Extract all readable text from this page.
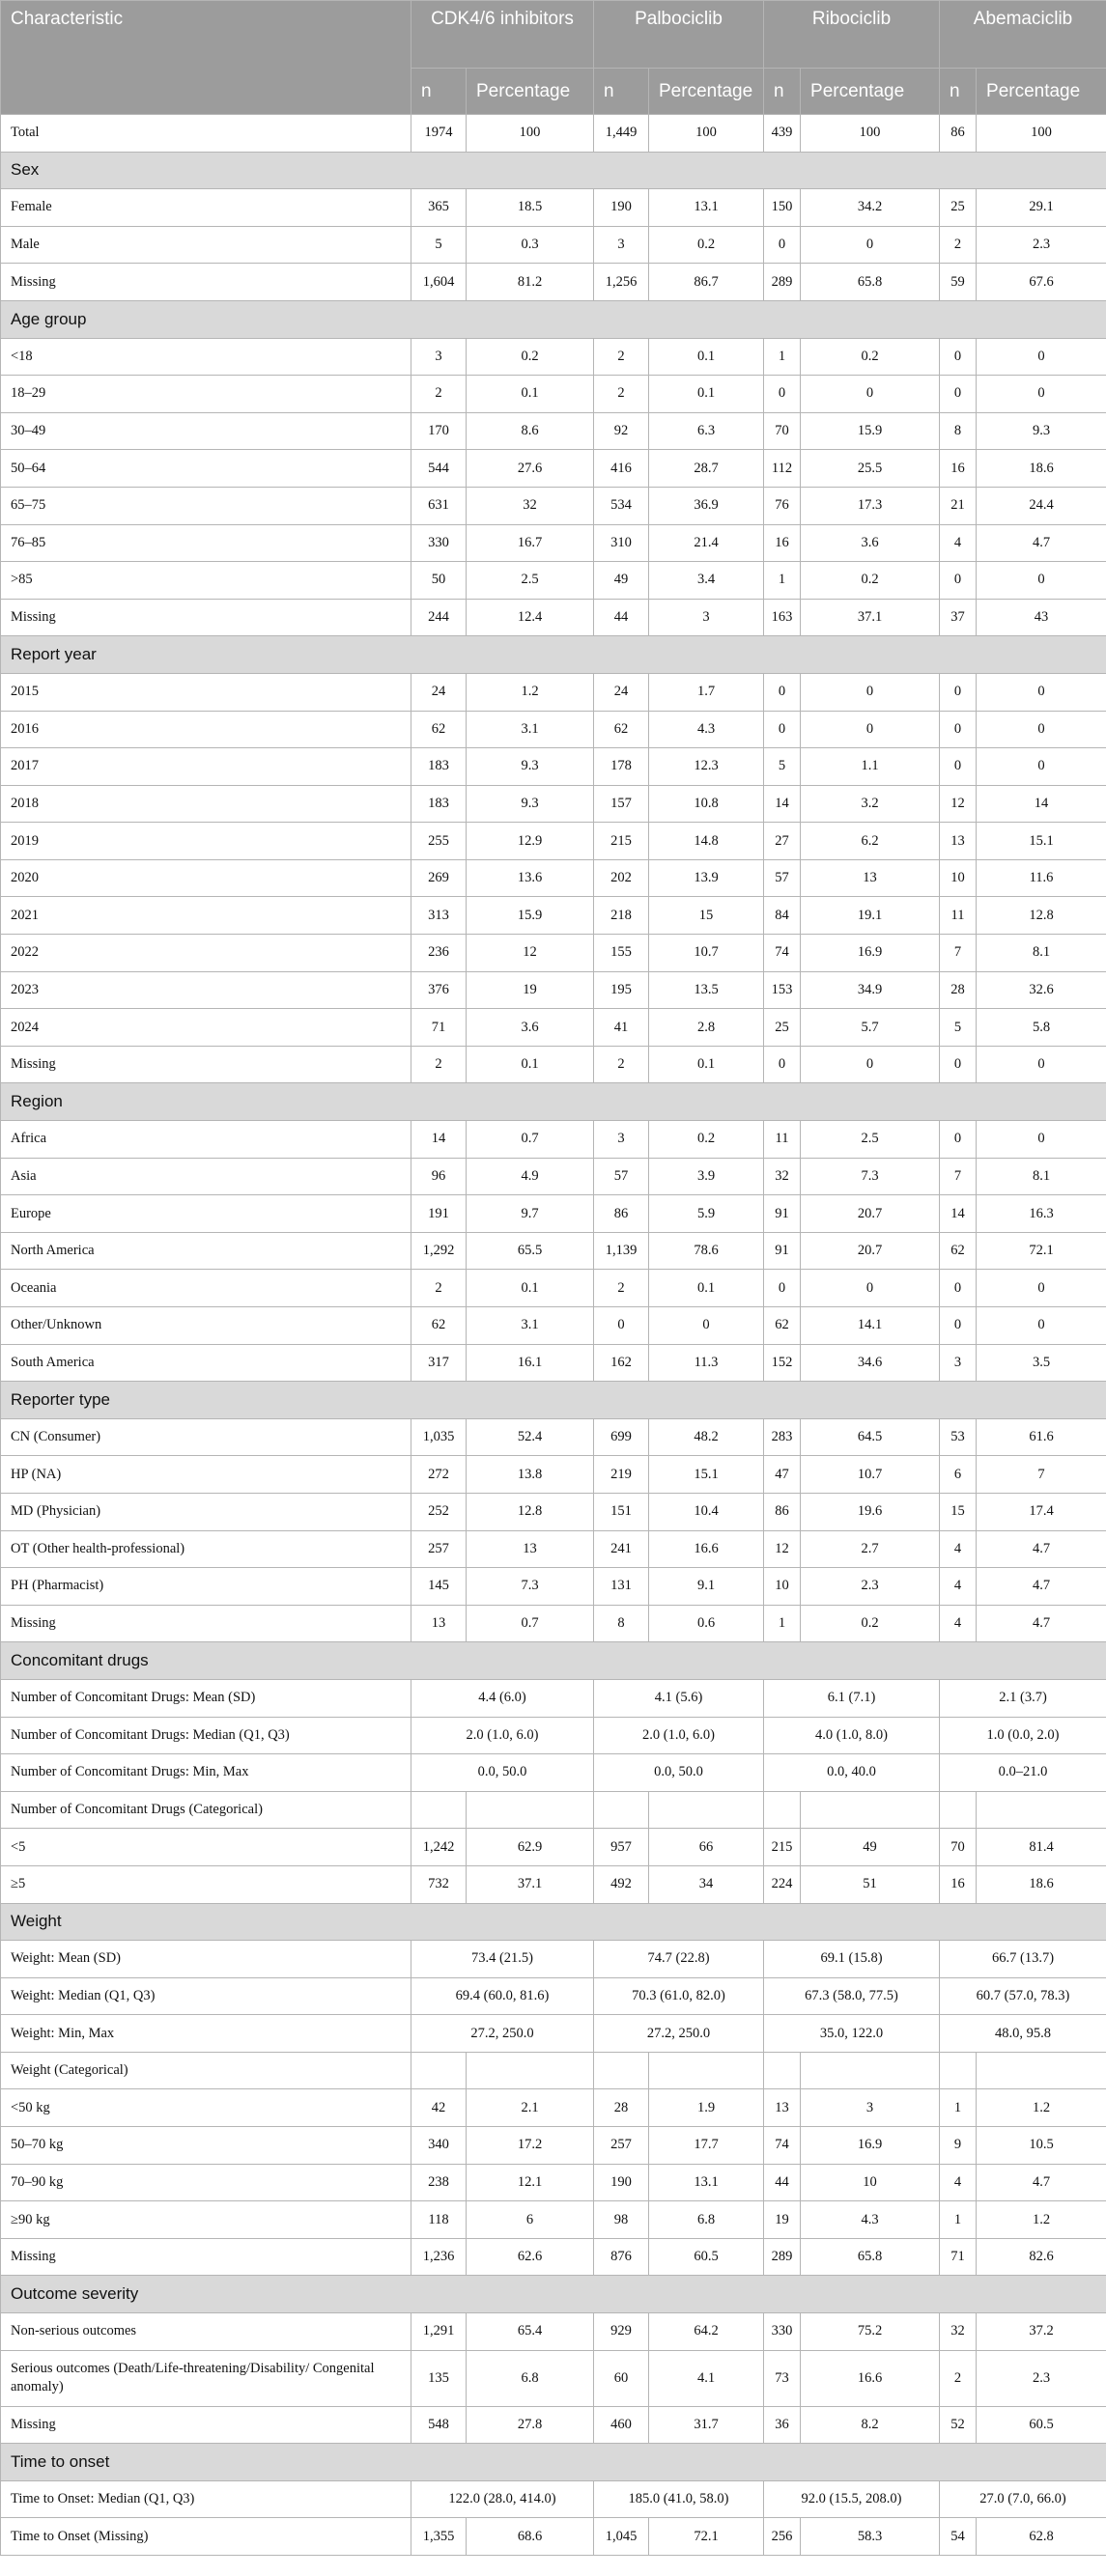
Characteristic	CDK4/6 inhibitors		Palbociclib		Ribociclib		Abemaciclib	
	n	Percentage	n	Percentage	n	Percentage	n	Percentage
Total	1974	100	1,449	100	439	100	86	100
Sex								
Female	365	18.5	190	13.1	150	34.2	25	29.1
Male	5	0.3	3	0.2	0	0	2	2.3
Missing	1,604	81.2	1,256	86.7	289	65.8	59	67.6
Age group								
<18	3	0.2	2	0.1	1	0.2	0	0
18–29	2	0.1	2	0.1	0	0	0	0
30–49	170	8.6	92	6.3	70	15.9	8	9.3
50–64	544	27.6	416	28.7	112	25.5	16	18.6
65–75	631	32	534	36.9	76	17.3	21	24.4
76–85	330	16.7	310	21.4	16	3.6	4	4.7
>85	50	2.5	49	3.4	1	0.2	0	0
Missing	244	12.4	44	3	163	37.1	37	43
Report year								
2015	24	1.2	24	1.7	0	0	0	0
2016	62	3.1	62	4.3	0	0	0	0
2017	183	9.3	178	12.3	5	1.1	0	0
2018	183	9.3	157	10.8	14	3.2	12	14
2019	255	12.9	215	14.8	27	6.2	13	15.1
2020	269	13.6	202	13.9	57	13	10	11.6
2021	313	15.9	218	15	84	19.1	11	12.8
2022	236	12	155	10.7	74	16.9	7	8.1
2023	376	19	195	13.5	153	34.9	28	32.6
2024	71	3.6	41	2.8	25	5.7	5	5.8
Missing	2	0.1	2	0.1	0	0	0	0
Region								
Africa	14	0.7	3	0.2	11	2.5	0	0
Asia	96	4.9	57	3.9	32	7.3	7	8.1
Europe	191	9.7	86	5.9	91	20.7	14	16.3
North America	1,292	65.5	1,139	78.6	91	20.7	62	72.1
Oceania	2	0.1	2	0.1	0	0	0	0
Other/Unknown	62	3.1	0	0	62	14.1	0	0
South America	317	16.1	162	11.3	152	34.6	3	3.5
Reporter type								
CN (Consumer)	1,035	52.4	699	48.2	283	64.5	53	61.6
HP (NA)	272	13.8	219	15.1	47	10.7	6	7
MD (Physician)	252	12.8	151	10.4	86	19.6	15	17.4
OT (Other health-professional)	257	13	241	16.6	12	2.7	4	4.7
PH (Pharmacist)	145	7.3	131	9.1	10	2.3	4	4.7
Missing	13	0.7	8	0.6	1	0.2	4	4.7
Concomitant drugs								
Number of Concomitant Drugs: Mean (SD)	4.4 (6.0)		4.1 (5.6)		6.1 (7.1)		2.1 (3.7)	
Number of Concomitant Drugs: Median (Q1, Q3)	2.0 (1.0, 6.0)		2.0 (1.0, 6.0)		4.0 (1.0, 8.0)		1.0 (0.0, 2.0)	
Number of Concomitant Drugs: Min, Max	0.0, 50.0		0.0, 50.0		0.0, 40.0		0.0–21.0	
Number of Concomitant Drugs (Categorical)								
<5	1,242	62.9	957	66	215	49	70	81.4
≥5	732	37.1	492	34	224	51	16	18.6
Weight								
Weight: Mean (SD)	73.4 (21.5)		74.7 (22.8)		69.1 (15.8)		66.7 (13.7)	
Weight: Median (Q1, Q3)	69.4 (60.0, 81.6)		70.3 (61.0, 82.0)		67.3 (58.0, 77.5)		60.7 (57.0, 78.3)	
Weight: Min, Max	27.2, 250.0		27.2, 250.0		35.0, 122.0		48.0, 95.8	
Weight (Categorical)								
<50 kg	42	2.1	28	1.9	13	3	1	1.2
50–70 kg	340	17.2	257	17.7	74	16.9	9	10.5
70–90 kg	238	12.1	190	13.1	44	10	4	4.7
≥90 kg	118	6	98	6.8	19	4.3	1	1.2
Missing	1,236	62.6	876	60.5	289	65.8	71	82.6
Outcome severity								
Non-serious outcomes	1,291	65.4	929	64.2	330	75.2	32	37.2
Serious outcomes (Death/Life-threatening/Disability/ Congenital anomaly)	135	6.8	60	4.1	73	16.6	2	2.3
Missing	548	27.8	460	31.7	36	8.2	52	60.5
Time to onset								
Time to Onset: Median (Q1, Q3)	122.0 (28.0, 414.0)		185.0 (41.0, 58.0)		92.0 (15.5, 208.0)		27.0 (7.0, 66.0)	
Time to Onset (Missing)	1,355	68.6	1,045	72.1	256	58.3	54	62.8
